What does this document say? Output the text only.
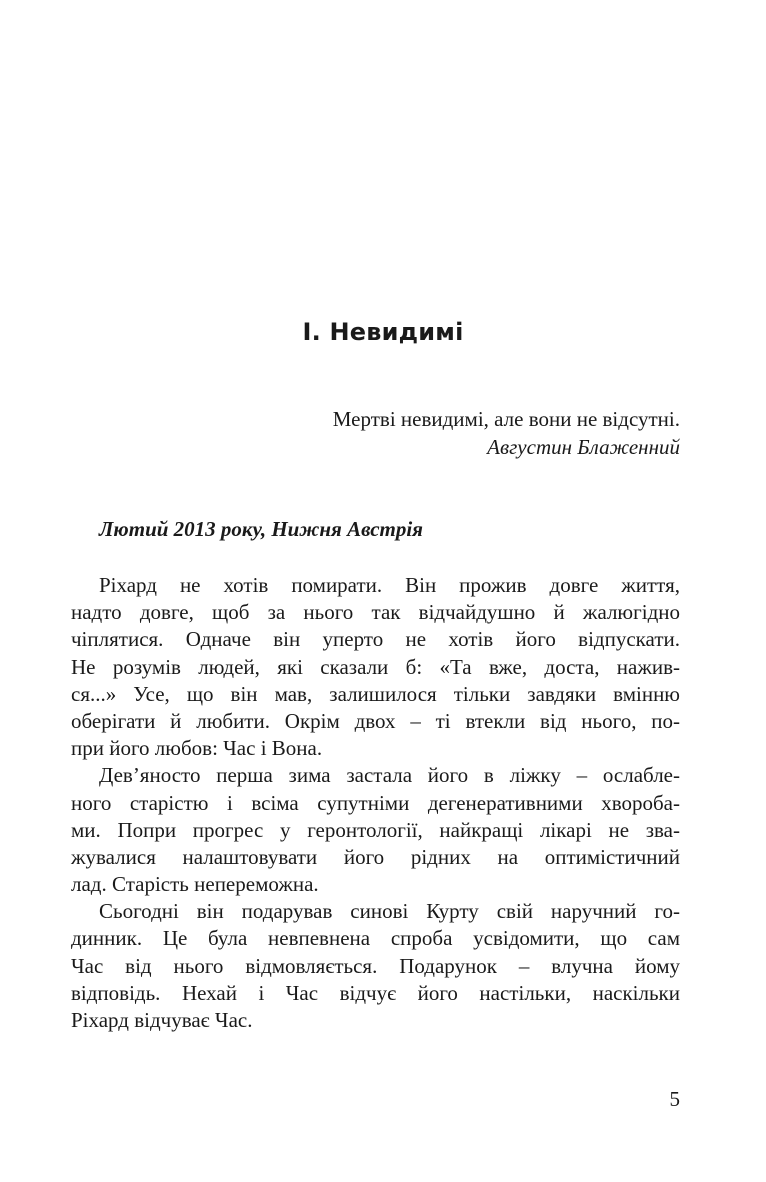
I. Невидимі
Мертві невидимі, але вони не відсутні.
Августин Блаженний
Лютий 2013 року, Нижня Австрія
Ріхард не хотів помирати. Він прожив довге життя,
надто довге, щоб за нього так відчайдушно й жалюгідно
чіплятися. Одначе він уперто не хотів його відпускати.
Не розумів людей, які сказали б: «Та вже, доста, нажив-
ся...» Усе, що він мав, залишилося тільки завдяки вмінню
оберігати й любити. Окрім двох – ті втекли від нього, по-
при його любов: Час і Вона.
Дев’яносто перша зима застала його в ліжку – ослабле-
ного старістю і всіма супутніми дегенеративними хвороба-
ми. Попри прогрес у геронтології, найкращі лікарі не зва-
жувалися налаштовувати його рідних на оптимістичний
лад. Старість непереможна.
Сьогодні він подарував синові Курту свій наручний го-
динник. Це була невпевнена спроба усвідомити, що сам
Час від нього відмовляється. Подарунок – влучна йому
відповідь. Нехай і Час відчує його настільки, наскільки
Ріхард відчуває Час.
5
